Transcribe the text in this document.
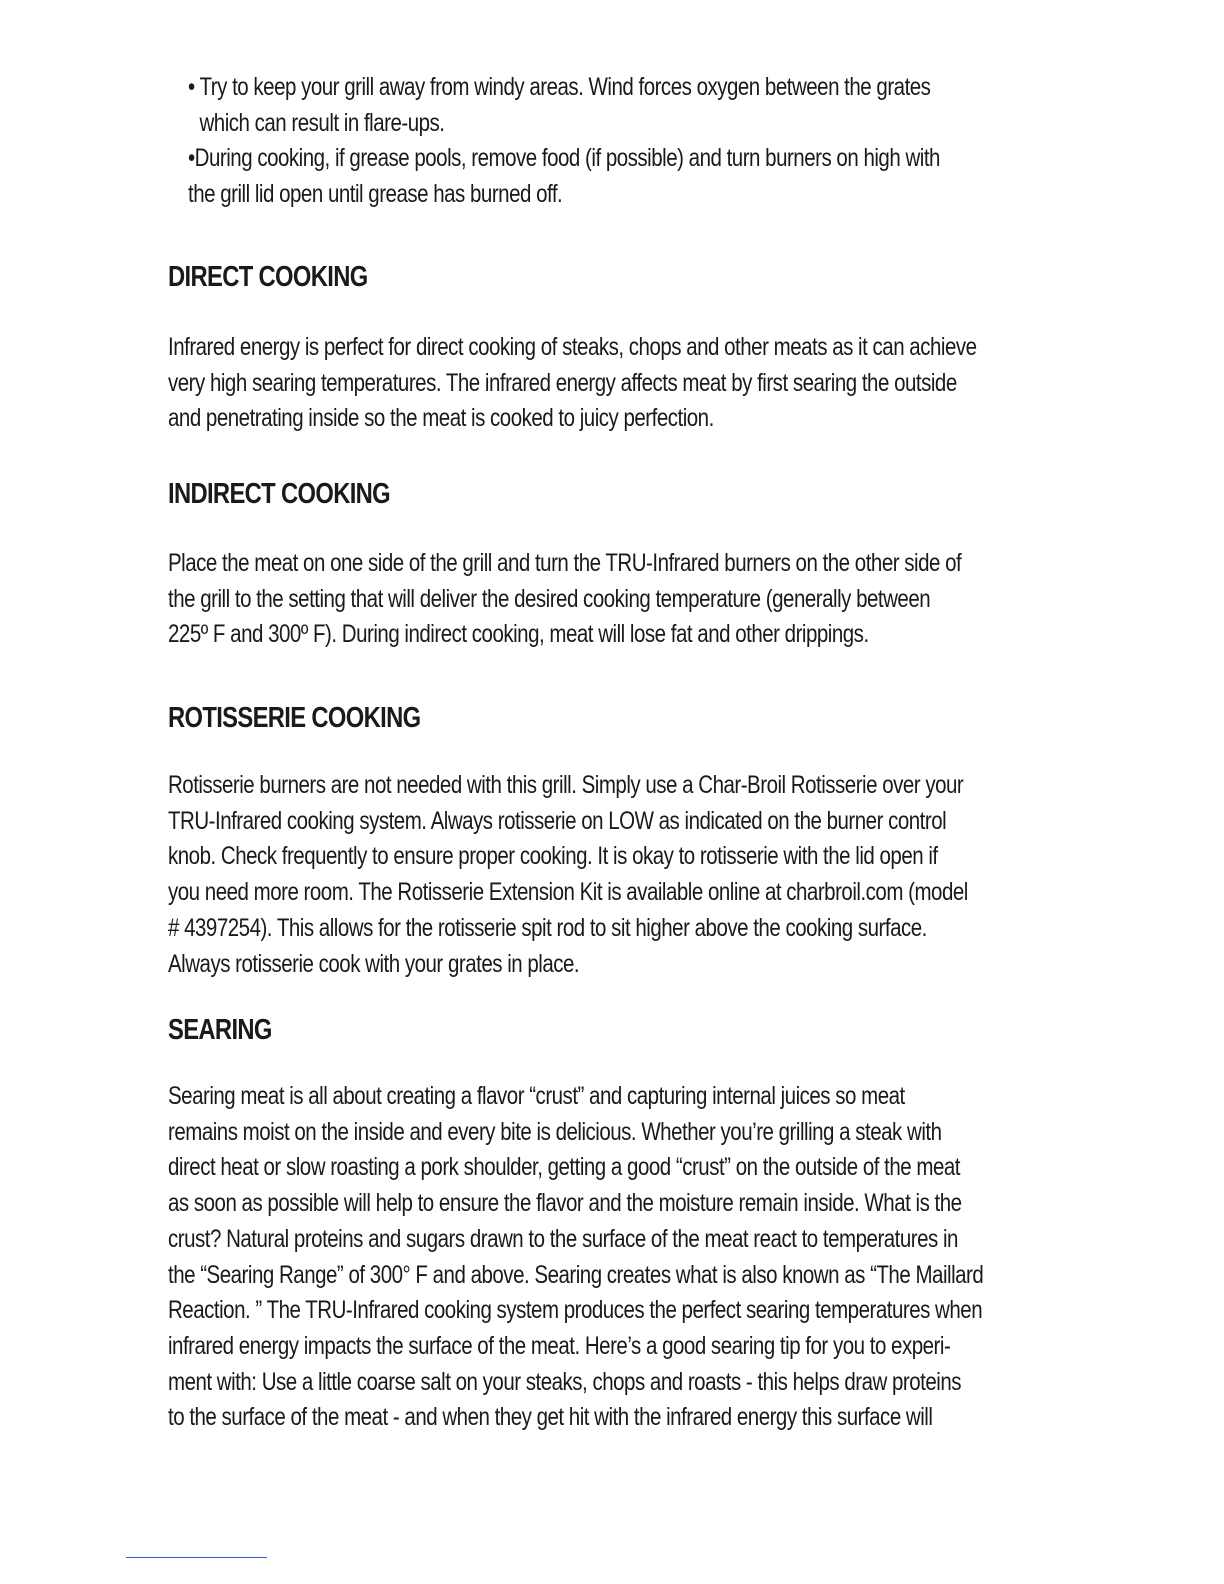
• Try to keep your grill away from windy areas. Wind forces oxygen between the grates which can result in flare-ups. •During cooking, if grease pools, remove food (if possible) and turn burners on high with the grill lid open until grease has burned off.
DIRECT COOKING
Infrared energy is perfect for direct cooking of steaks, chops and other meats as it can achieve very high searing temperatures. The infrared energy affects meat by first searing the outside and penetrating inside so the meat is cooked to juicy perfection.
INDIRECT COOKING
Place the meat on one side of the grill and turn the TRU-Infrared burners on the other side of the grill to the setting that will deliver the desired cooking temperature (generally between 225º F and 300º F). During indirect cooking, meat will lose fat and other drippings.
ROTISSERIE COOKING
Rotisserie burners are not needed with this grill. Simply use a Char-Broil Rotisserie over your TRU-Infrared cooking system. Always rotisserie on LOW as indicated on the burner control knob. Check frequently to ensure proper cooking. It is okay to rotisserie with the lid open if you need more room. The Rotisserie Extension Kit is available online at charbroil.com (model # 4397254). This allows for the rotisserie spit rod to sit higher above the cooking surface. Always rotisserie cook with your grates in place.
SEARING
Searing meat is all about creating a flavor “crust” and capturing internal juices so meat remains moist on the inside and every bite is delicious. Whether you’re grilling a steak with direct heat or slow roasting a pork shoulder, getting a good “crust” on the outside of the meat as soon as possible will help to ensure the flavor and the moisture remain inside. What is the crust? Natural proteins and sugars drawn to the surface of the meat react to temperatures in the “Searing Range” of 300° F and above. Searing creates what is also known as “The Maillard Reaction. ” The TRU-Infrared cooking system produces the perfect searing temperatures when infrared energy impacts the surface of the meat. Here’s a good searing tip for you to experi- ment with: Use a little coarse salt on your steaks, chops and roasts - this helps draw proteins to the surface of the meat - and when they get hit with the infrared energy this surface will
